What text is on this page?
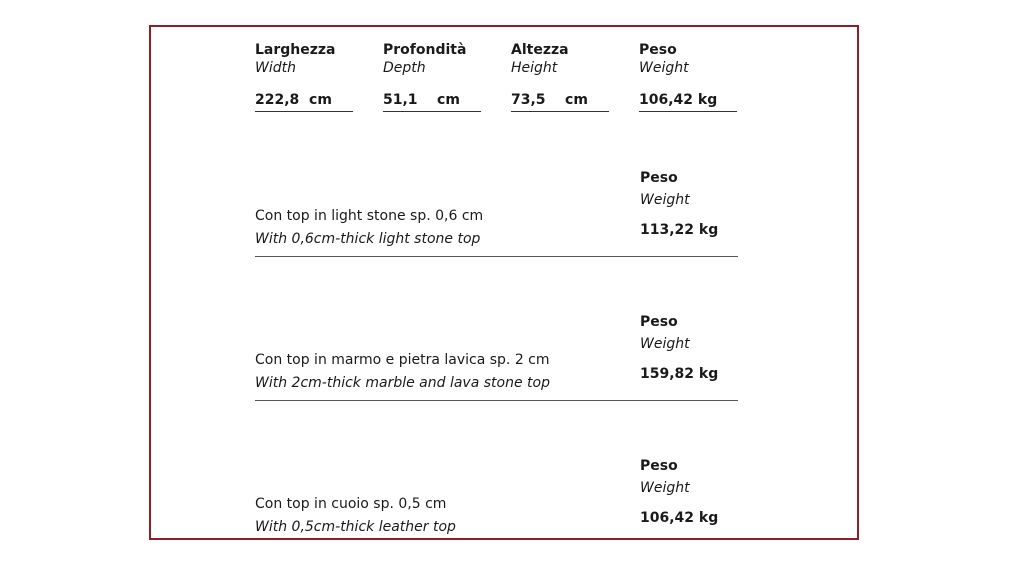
Larghezza
Width
222,8  cm
Profondità
Depth
51,1    cm
Altezza
Height
73,5    cm
Peso
Weight
106,42 kg
Peso
Weight
113,22 kg
Con top in light stone sp. 0,6 cm
With 0,6cm-thick light stone top
Peso
Weight
159,82 kg
Con top in marmo e pietra lavica sp. 2 cm
With 2cm-thick marble and lava stone top
Peso
Weight
106,42 kg
Con top in cuoio sp. 0,5 cm
With 0,5cm-thick leather top
